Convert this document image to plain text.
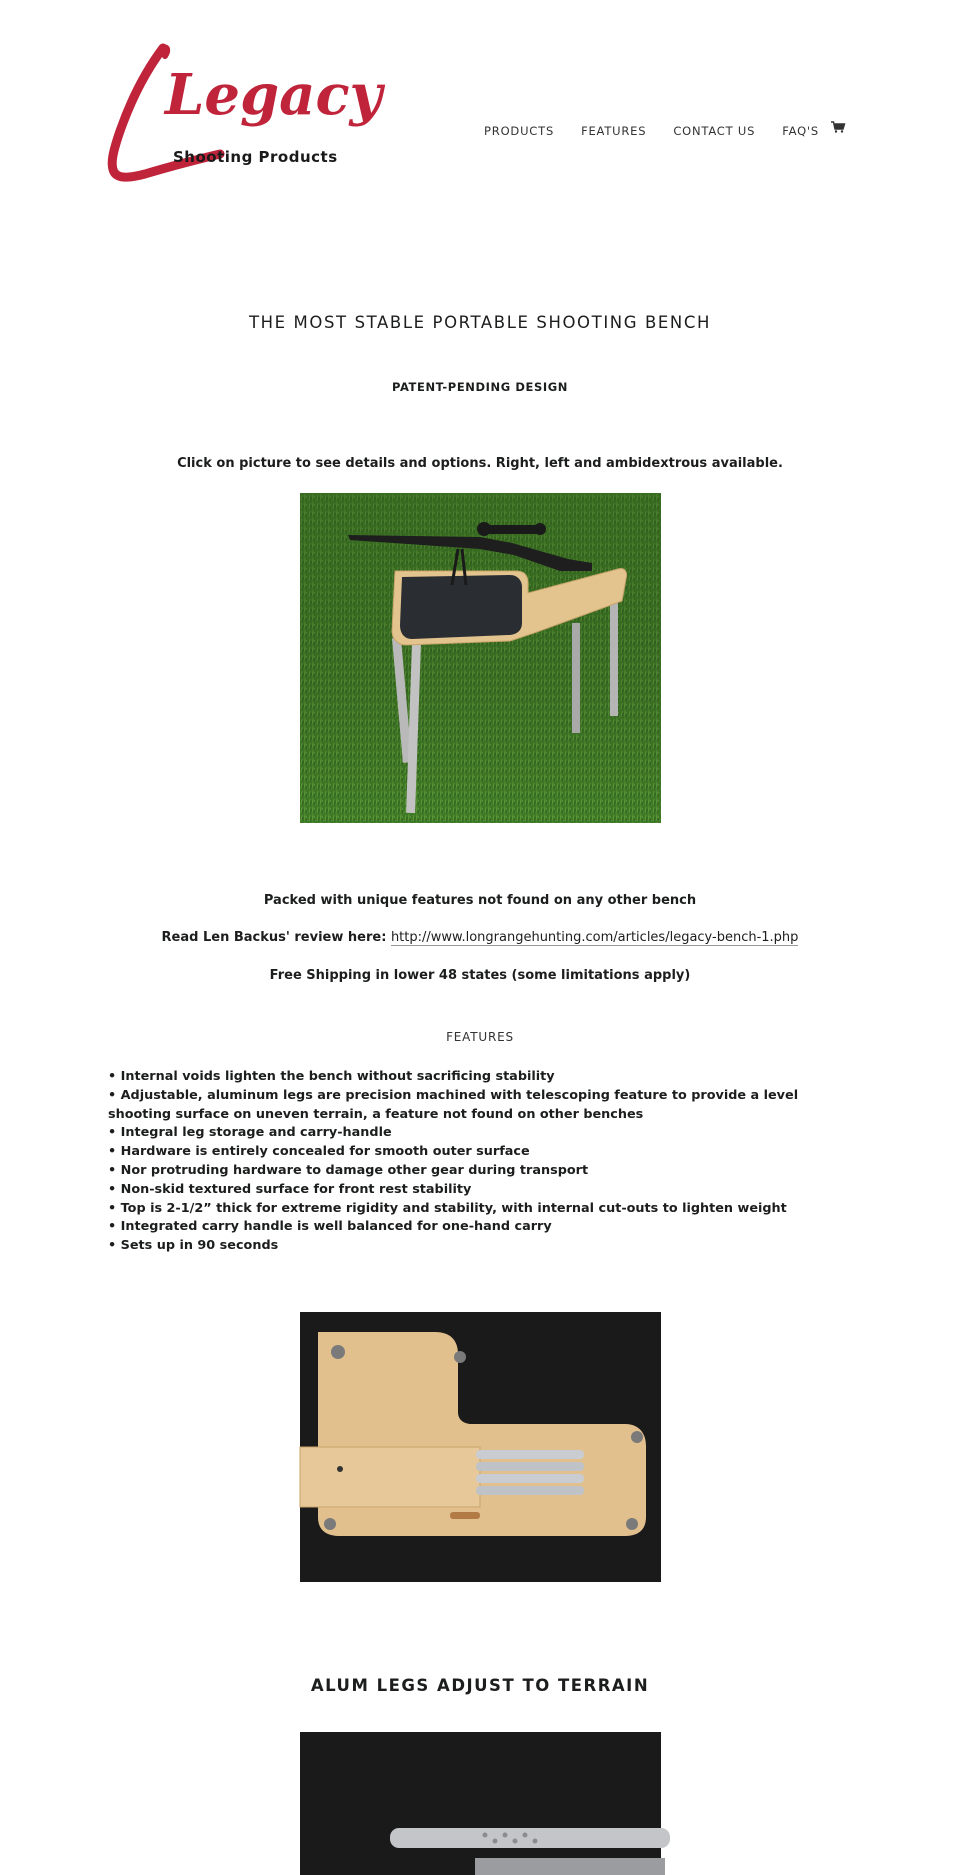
Legacy
Shooting Products
PRODUCTS FEATURES CONTACT US FAQ'S
THE MOST STABLE PORTABLE SHOOTING BENCH
PATENT-PENDING DESIGN
Click on picture to see details and options. Right, left and ambidextrous available.
Packed with unique features not found on any other bench
Read Len Backus' review here: http://www.longrangehunting.com/articles/legacy-bench-1.php
Free Shipping in lower 48 states (some limitations apply)
FEATURES
• Internal voids lighten the bench without sacrificing stability
• Adjustable, aluminum legs are precision machined with telescoping feature to provide a level shooting surface on uneven terrain, a feature not found on other benches
• Integral leg storage and carry-handle
• Hardware is entirely concealed for smooth outer surface
• Nor protruding hardware to damage other gear during transport
• Non-skid textured surface for front rest stability
• Top is 2-1/2” thick for extreme rigidity and stability, with internal cut-outs to lighten weight
• Integrated carry handle is well balanced for one-hand carry
• Sets up in 90 seconds
ALUM LEGS ADJUST TO TERRAIN
